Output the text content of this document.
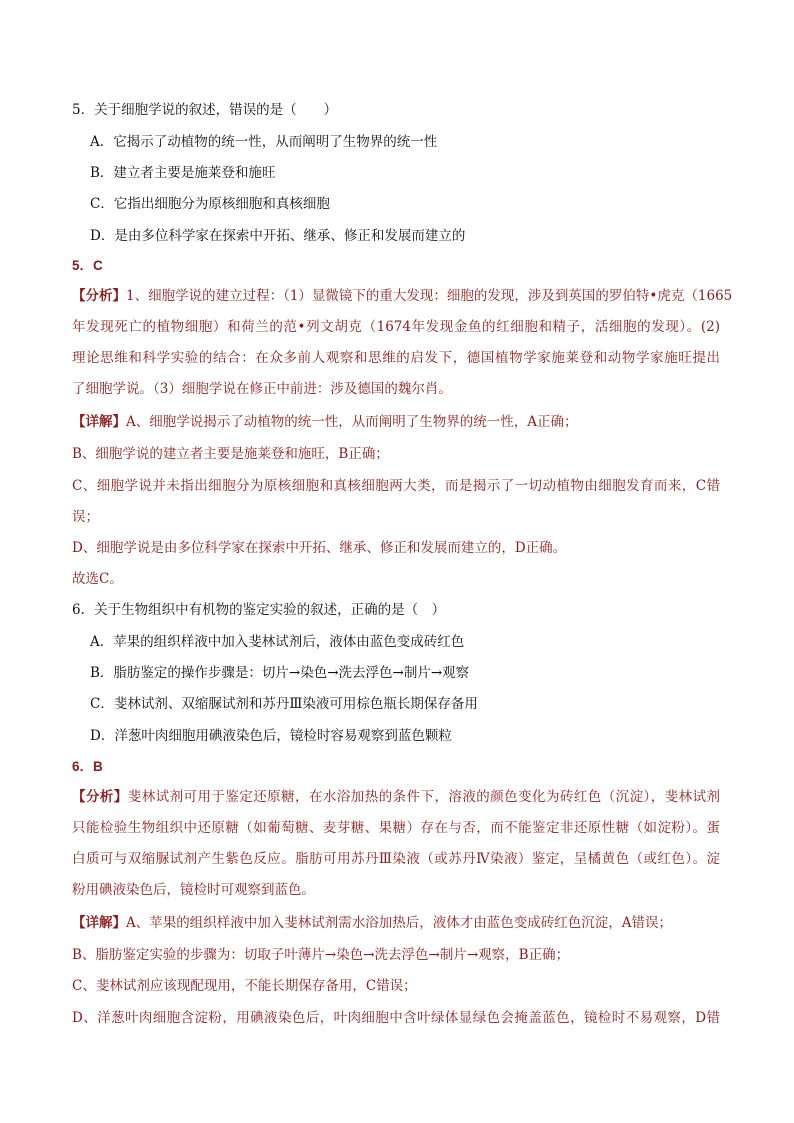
5．关于细胞学说的叙述，错误的是（　　）
A．它揭示了动植物的统一性，从而阐明了生物界的统一性
B．建立者主要是施莱登和施旺
C．它指出细胞分为原核细胞和真核细胞
D．是由多位科学家在探索中开拓、继承、修正和发展而建立的
5．C
【分析】1、细胞学说的建立过程：（1）显微镜下的重大发现：细胞的发现，涉及到英国的罗伯特•虎克（1665
年发现死亡的植物细胞）和荷兰的范•列文胡克（1674年发现金鱼的红细胞和精子，活细胞的发现）。(2)
理论思维和科学实验的结合：在众多前人观察和思维的启发下，德国植物学家施莱登和动物学家施旺提出
了细胞学说。（3）细胞学说在修正中前进：涉及德国的魏尔肖。
【详解】A、细胞学说揭示了动植物的统一性，从而阐明了生物界的统一性，A正确；
B、细胞学说的建立者主要是施莱登和施旺，B正确；
C、细胞学说并未指出细胞分为原核细胞和真核细胞两大类，而是揭示了一切动植物由细胞发育而来，C错
误；
D、细胞学说是由多位科学家在探索中开拓、继承、修正和发展而建立的，D正确。
故选C。
6．关于生物组织中有机物的鉴定实验的叙述，正确的是（　）
A．苹果的组织样液中加入斐林试剂后，液体由蓝色变成砖红色
B．脂肪鉴定的操作步骤是：切片→染色→洗去浮色→制片→观察
C．斐林试剂、双缩脲试剂和苏丹Ⅲ染液可用棕色瓶长期保存备用
D．洋葱叶肉细胞用碘液染色后，镜检时容易观察到蓝色颗粒
6．B
【分析】斐林试剂可用于鉴定还原糖，在水浴加热的条件下，溶液的颜色变化为砖红色（沉淀），斐林试剂
只能检验生物组织中还原糖（如葡萄糖、麦芽糖、果糖）存在与否，而不能鉴定非还原性糖（如淀粉）。蛋
白质可与双缩脲试剂产生紫色反应。脂肪可用苏丹Ⅲ染液（或苏丹Ⅳ染液）鉴定，呈橘黄色（或红色）。淀
粉用碘液染色后，镜检时可观察到蓝色。
【详解】A、苹果的组织样液中加入斐林试剂需水浴加热后，液体才由蓝色变成砖红色沉淀，A错误；
B、脂肪鉴定实验的步骤为：切取子叶薄片→染色→洗去浮色→制片→观察，B正确；
C、斐林试剂应该现配现用，不能长期保存备用，C错误；
D、洋葱叶肉细胞含淀粉，用碘液染色后，叶肉细胞中含叶绿体显绿色会掩盖蓝色，镜检时不易观察，D错
